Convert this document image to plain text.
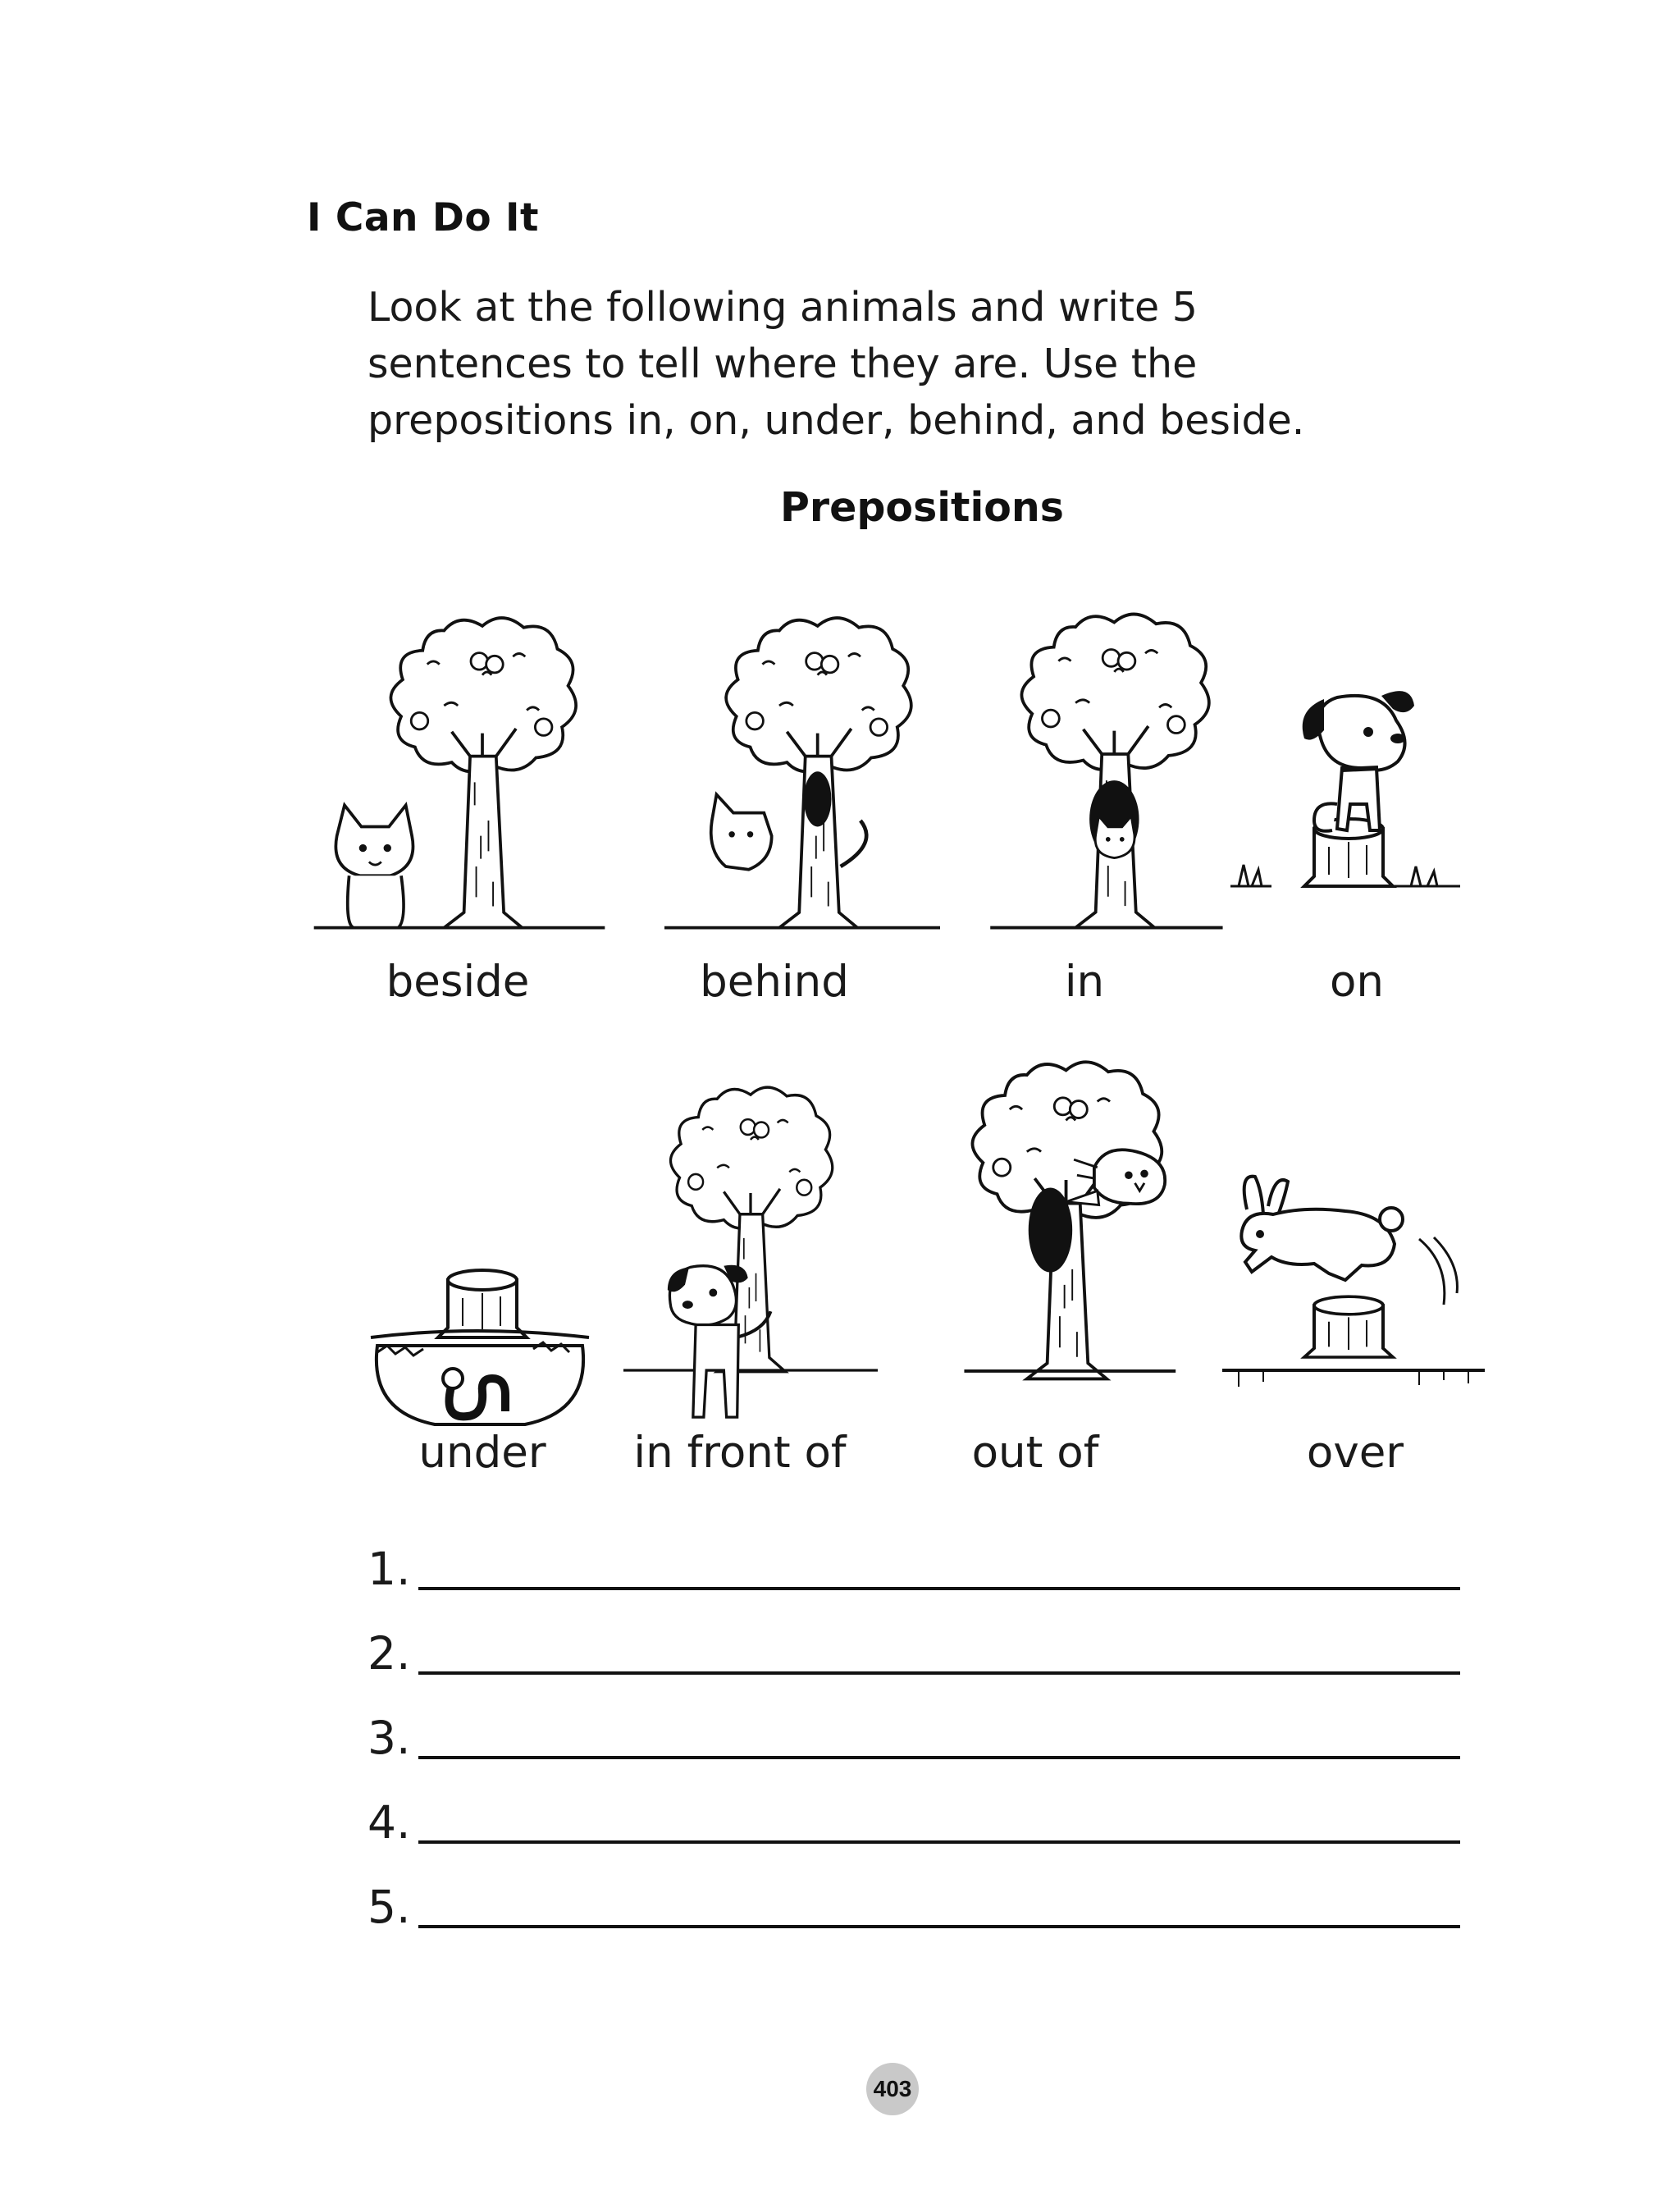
I Can Do It

Look at the following animals and write 5
sentences to tell where they are. Use the
prepositions in, on, under, behind, and beside.

Prepositions
beside	behind	in	on
under in front of	out of	over
1.
2.
3.
4.
5.
403
